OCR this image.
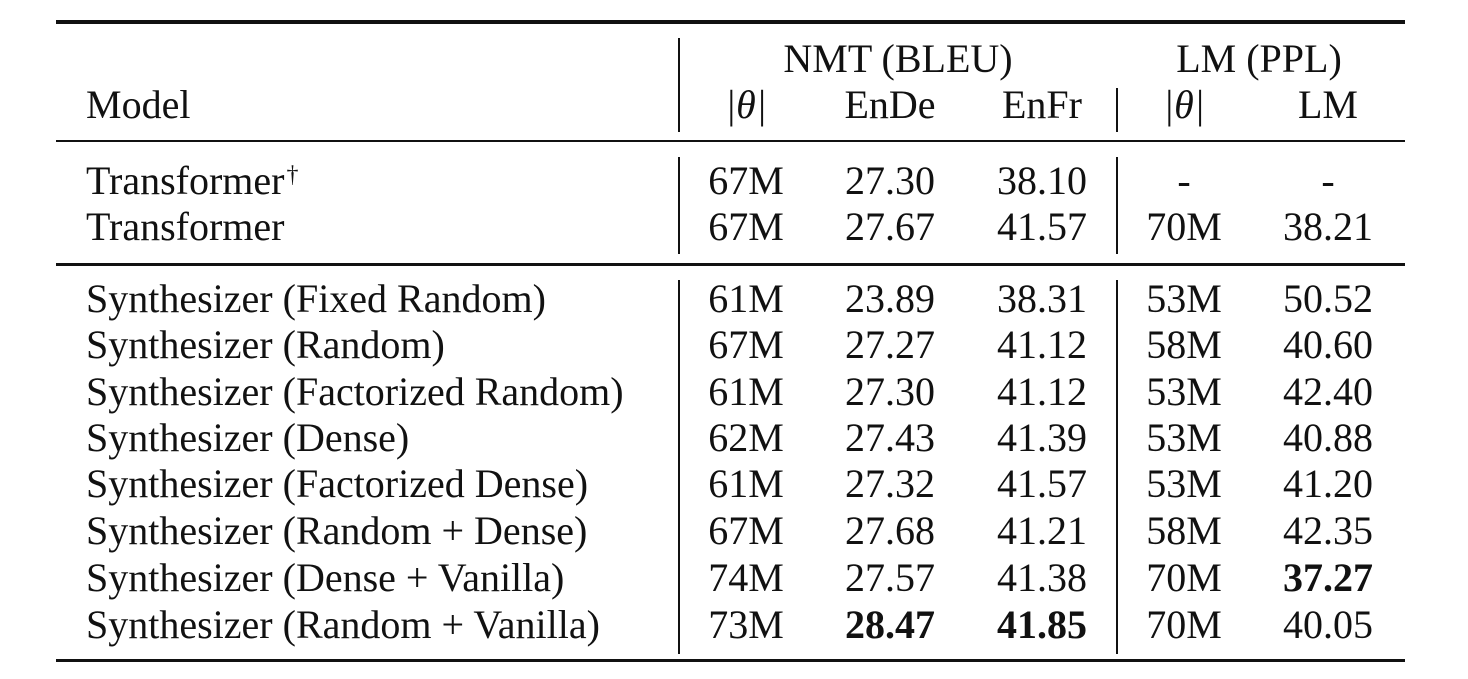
NMT (BLEU)	LM (PPL)
Model	|θ| EnDe EnFr |θ| LM
Transformer†	67M 27.30 38.10 -	-
Transformer	67M 27.67 41.57 70M 38.21
Synthesizer (Fixed Random)	61M 23.89 38.31 53M 50.52
Synthesizer (Random)	67M 27.27 41.12 58M 40.60
Synthesizer (Factorized Random) 61M 27.30 41.12 53M 42.40
Synthesizer (Dense)	62M 27.43 41.39 53M 40.88
Synthesizer (Factorized Dense)	61M 27.32 41.57 53M 41.20
Synthesizer (Random + Dense)	67M 27.68 41.21 58M 42.35
Synthesizer (Dense + Vanilla)	74M 27.57 41.38 70M 37.27
Synthesizer (Random + Vanilla)	73M 28.47 41.85 70M 40.05
